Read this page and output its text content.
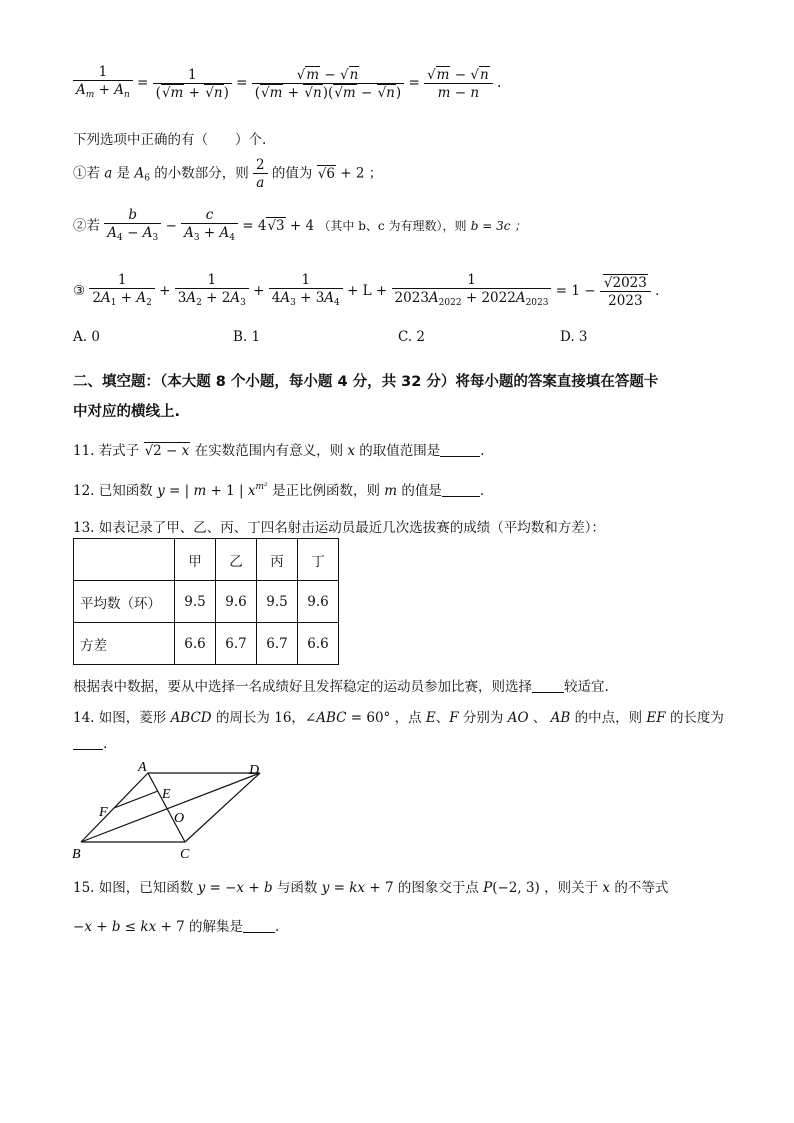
$\frac{1}{A_m + A_n} = \frac{1}{(√m + √n)} = \frac{√m - √n}{(√m + √n)(√m - √n)} = \frac{√m - √n}{m - n}$ .
下列选项中正确的有（　　）个.
①若 a 是 $A_6$ 的小数部分，则 $\frac{2}{a}$ 的值为 √6 + 2 ；
②若 $\frac{b}{A_4 - A_3} - \frac{c}{A_3 + A_4} = 4√3 + 4$ （其中 b、c 为有理数），则 b = 3c ；
③ $\frac{1}{2A_1 + A_2} + \frac{1}{3A_2 + 2A_3} + \frac{1}{4A_3 + 3A_4} + L + \frac{1}{2023A_{2022} + 2022A_{2023}} = 1 - \frac{√2023}{2023}$ .
A. 0	B. 1	C. 2	D. 3
二、填空题：（本大题 8 个小题，每小题 4 分，共 32 分）将每小题的答案直接填在答题卡
中对应的横线上.
11. 若式子 √2 − x 在实数范围内有意义，则 x 的取值范围是	.
12. 已知函数 y = | m + 1 | $x^{m^2}$ 是正比例函数，则 m 的值是	.
13. 如表记录了甲、乙、丙、丁四名射击运动员最近几次选拔赛的成绩（平均数和方差）：
	甲	乙	丙	丁
平均数（环）	9.5	9.6	9.5	9.6
方差	6.6	6.7	6.7	6.6
根据表中数据，要从中选择一名成绩好且发挥稳定的运动员参加比赛，则选择 较适宜.
14. 如图，菱形 ABCD 的周长为 16，∠ABC = 60° ，点 E、F 分别为 AO 、 AB 的中点，则 EF 的长度为
.
A	D
E
F	O
B	C
15. 如图，已知函数 y = −x + b 与函数 y = kx + 7 的图象交于点 P(−2, 3) ，则关于 x 的不等式
−x + b ≤ kx + 7 的解集是 .
